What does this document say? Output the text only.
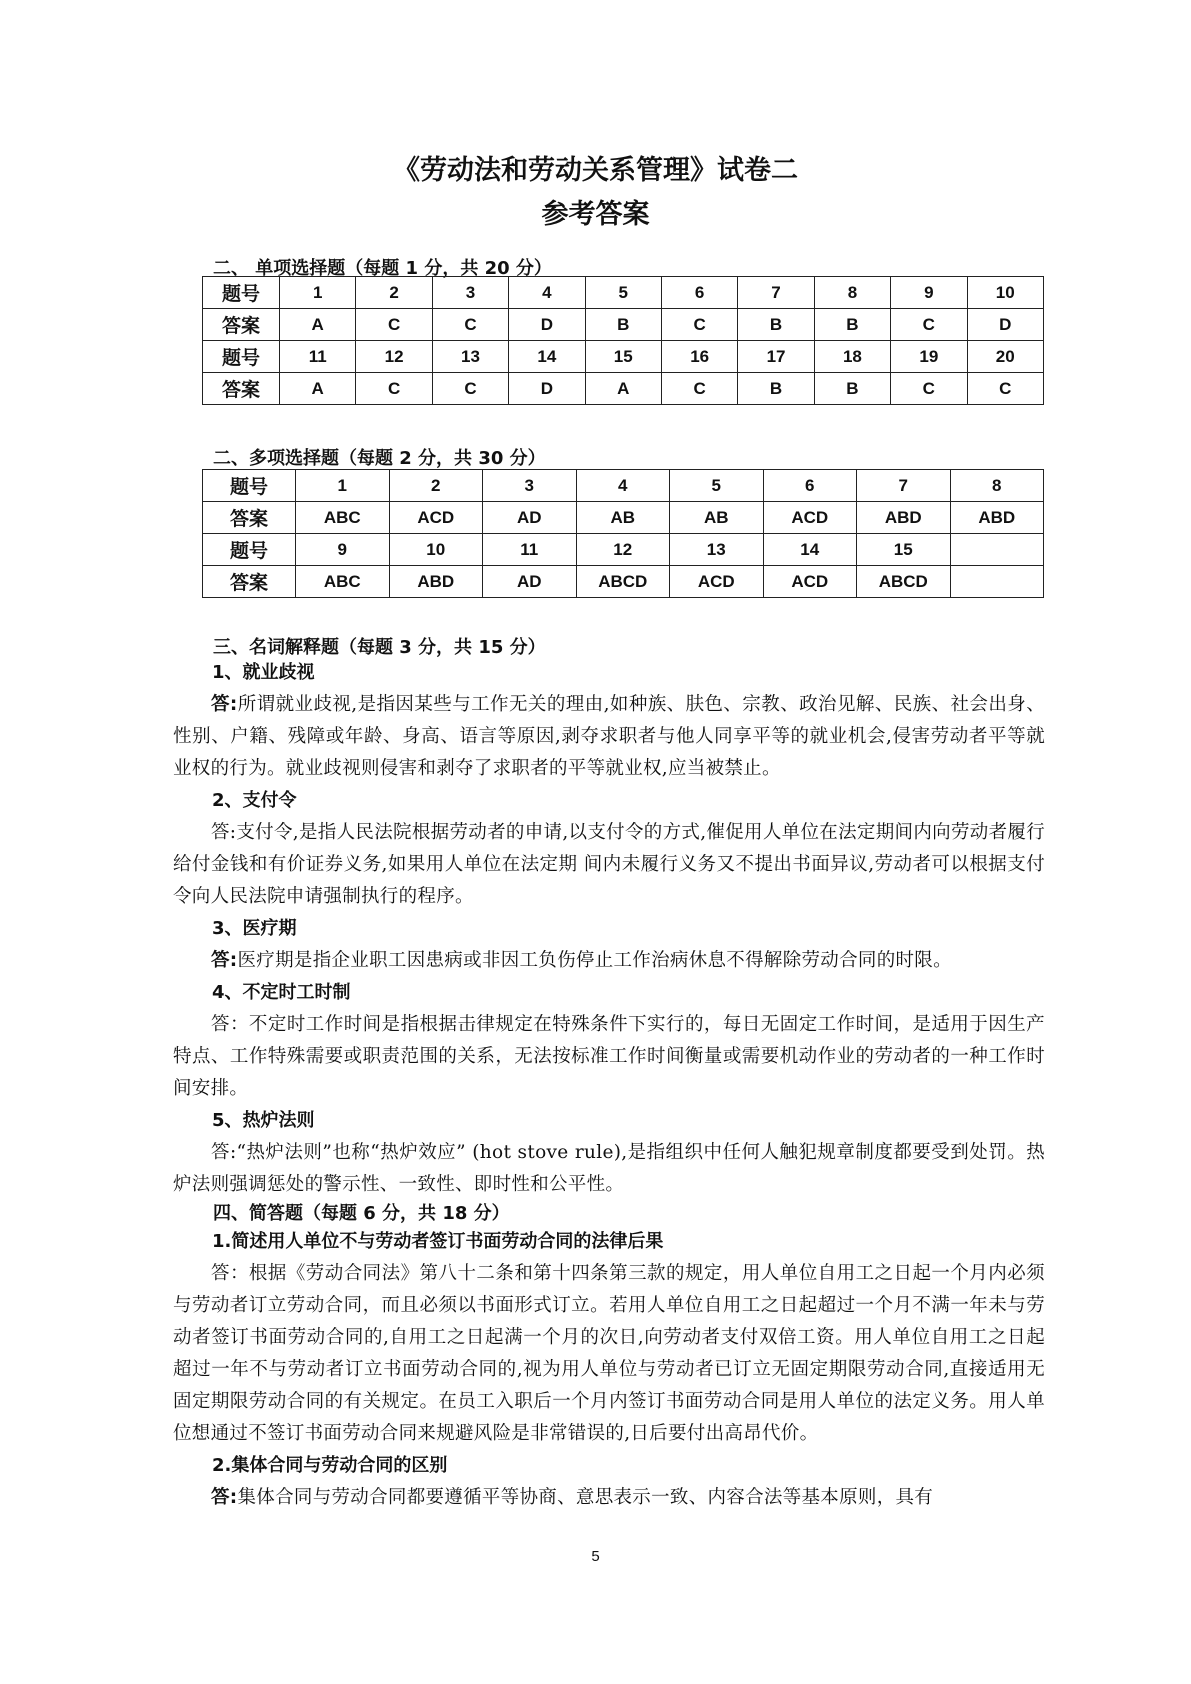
《劳动法和劳动关系管理》试卷二
参考答案
二、 单项选择题（每题 1 分，共 20 分）
题号	1	2	3	4	5	6	7	8	9	10
答案	A	C	C	D	B	C	B	B	C	D
题号	11	12	13	14	15	16	17	18	19	20
答案	A	C	C	D	A	C	B	B	C	C
二、多项选择题（每题 2 分，共 30 分）
题号	1	2	3	4	5	6	7	8
答案	ABC	ACD	AD	AB	AB	ACD	ABD	ABD
题号	9	10	11	12	13	14	15	
答案	ABC	ABD	AD	ABCD	ACD	ACD	ABCD	
三、名词解释题（每题 3 分，共 15 分）
1、就业歧视
答:所谓就业歧视,是指因某些与工作无关的理由,如种族、肤色、宗教、政治见解、民族、社会出身、性别、户籍、残障或年龄、身高、语言等原因,剥夺求职者与他人同享平等的就业机会,侵害劳动者平等就业权的行为。就业歧视则侵害和剥夺了求职者的平等就业权,应当被禁止。
2、支付令
答:支付令,是指人民法院根据劳动者的申请,以支付令的方式,催促用人单位在法定期间内向劳动者履行给付金钱和有价证券义务,如果用人单位在法定期 间内未履行义务又不提出书面异议,劳动者可以根据支付令向人民法院申请强制执行的程序。
3、医疗期
答:医疗期是指企业职工因患病或非因工负伤停止工作治病休息不得解除劳动合同的时限。
4、不定时工时制
答：不定时工作时间是指根据击律规定在特殊条件下实行的，每日无固定工作时间，是适用于因生产特点、工作特殊需要或职责范围的关系，无法按标准工作时间衡量或需要机动作业的劳动者的一种工作时间安排。
5、热炉法则
答:“热炉法则”也称“热炉效应” (hot stove rule),是指组织中任何人触犯规章制度都要受到处罚。热炉法则强调惩处的警示性、一致性、即时性和公平性。
四、简答题（每题 6 分，共 18 分）
1.简述用人单位不与劳动者签订书面劳动合同的法律后果
答：根据《劳动合同法》第八十二条和第十四条第三款的规定，用人单位自用工之日起一个月内必须与劳动者订立劳动合同，而且必须以书面形式订立。若用人单位自用工之日起超过一个月不满一年未与劳动者签订书面劳动合同的,自用工之日起满一个月的次日,向劳动者支付双倍工资。用人单位自用工之日起超过一年不与劳动者订立书面劳动合同的,视为用人单位与劳动者已订立无固定期限劳动合同,直接适用无固定期限劳动合同的有关规定。在员工入职后一个月内签订书面劳动合同是用人单位的法定义务。用人单位想通过不签订书面劳动合同来规避风险是非常错误的,日后要付出高昂代价。
2.集体合同与劳动合同的区别
答:集体合同与劳动合同都要遵循平等协商、意思表示一致、内容合法等基本原则，具有
5
